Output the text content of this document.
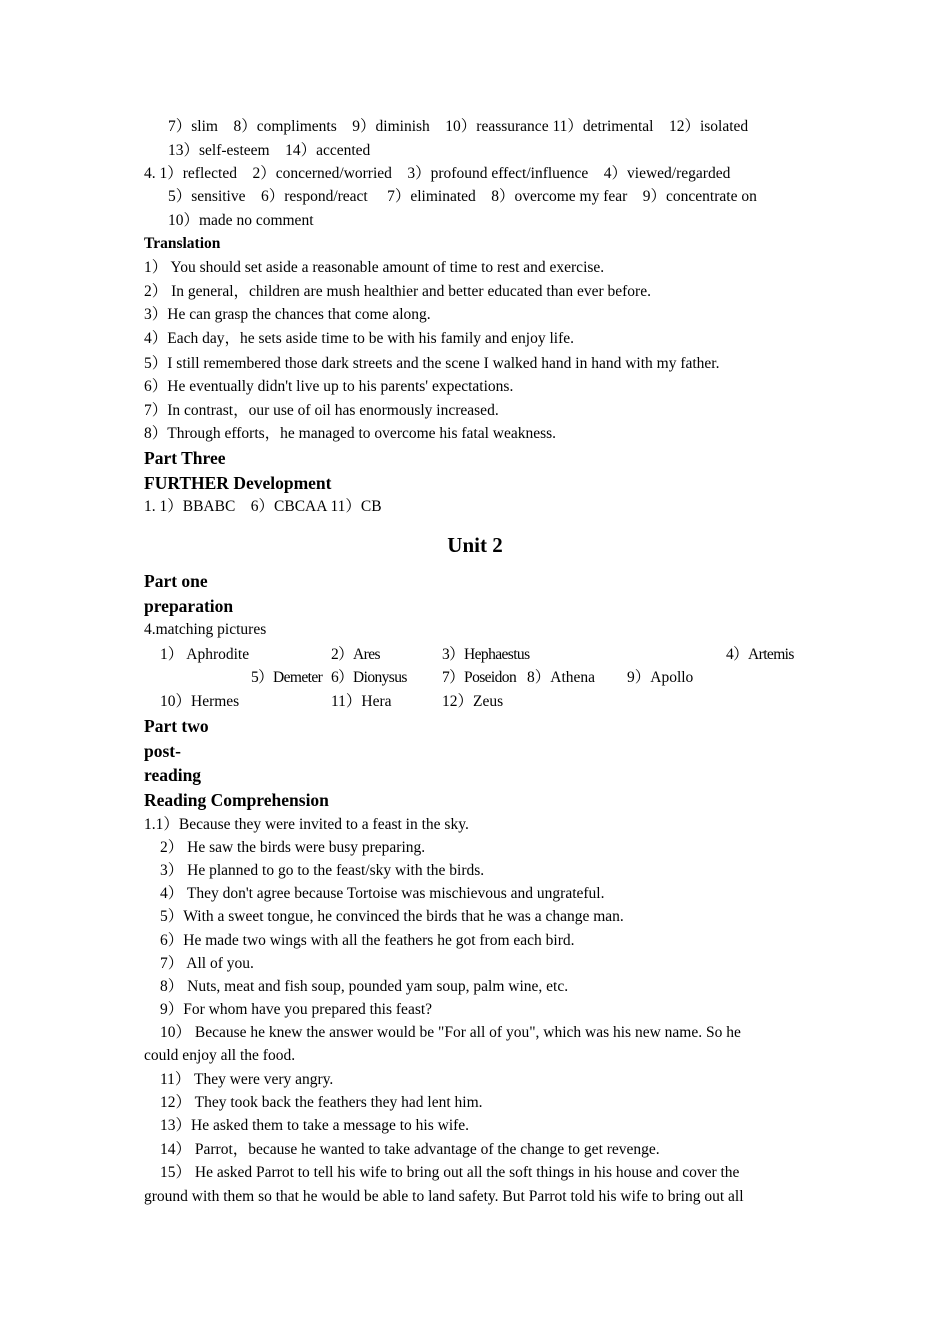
7）slim　8）compliments　9）diminish　10）reassurance 11）detrimental　12）isolated
13）self-esteem　14）accented
4. 1）reflected　2）concerned/worried　3）profound effect/influence　4）viewed/regarded
5）sensitive　6）respond/react　 7）eliminated　8）overcome my fear　9）concentrate on
10）made no comment
Translation
1） You should set aside a reasonable amount of time to rest and exercise.
2） In general，children are mush healthier and better educated than ever before.
3）He can grasp the chances that come along.
4）Each day，he sets aside time to be with his family and enjoy life.
5）I still remembered those dark streets and the scene I walked hand in hand with my father.
6）He eventually didn't live up to his parents' expectations.
7）In contrast，our use of oil has enormously increased.
8）Through efforts，he managed to overcome his fatal weakness.
Part Three
FURTHER Development
1. 1）BBABC　6）CBCAA 11）CB
Unit 2
Part one
preparation
4.matching pictures
1） Aphrodite	2）Ares	3）Hephaestus	4）Artemis
5）Demeter 6）Dionysus 7）Poseidon 8）Athena 9）Apollo
10）Hermes	11）Hera	12）Zeus
Part two
post-
reading
Reading Comprehension
1.1）Because they were invited to a feast in the sky.
2） He saw the birds were busy preparing.
3） He planned to go to the feast/sky with the birds.
4） They don't agree because Tortoise was mischievous and ungrateful.
5）With a sweet tongue, he convinced the birds that he was a change man.
6）He made two wings with all the feathers he got from each bird.
7） All of you.
8） Nuts, meat and fish soup, pounded yam soup, palm wine, etc.
9）For whom have you prepared this feast?
10） Because he knew the answer would be "For all of you", which was his new name. So he
could enjoy all the food.
11） They were very angry.
12） They took back the feathers they had lent him.
13）He asked them to take a message to his wife.
14） Parrot，because he wanted to take advantage of the change to get revenge.
15） He asked Parrot to tell his wife to bring out all the soft things in his house and cover the
ground with them so that he would be able to land safety. But Parrot told his wife to bring out all
